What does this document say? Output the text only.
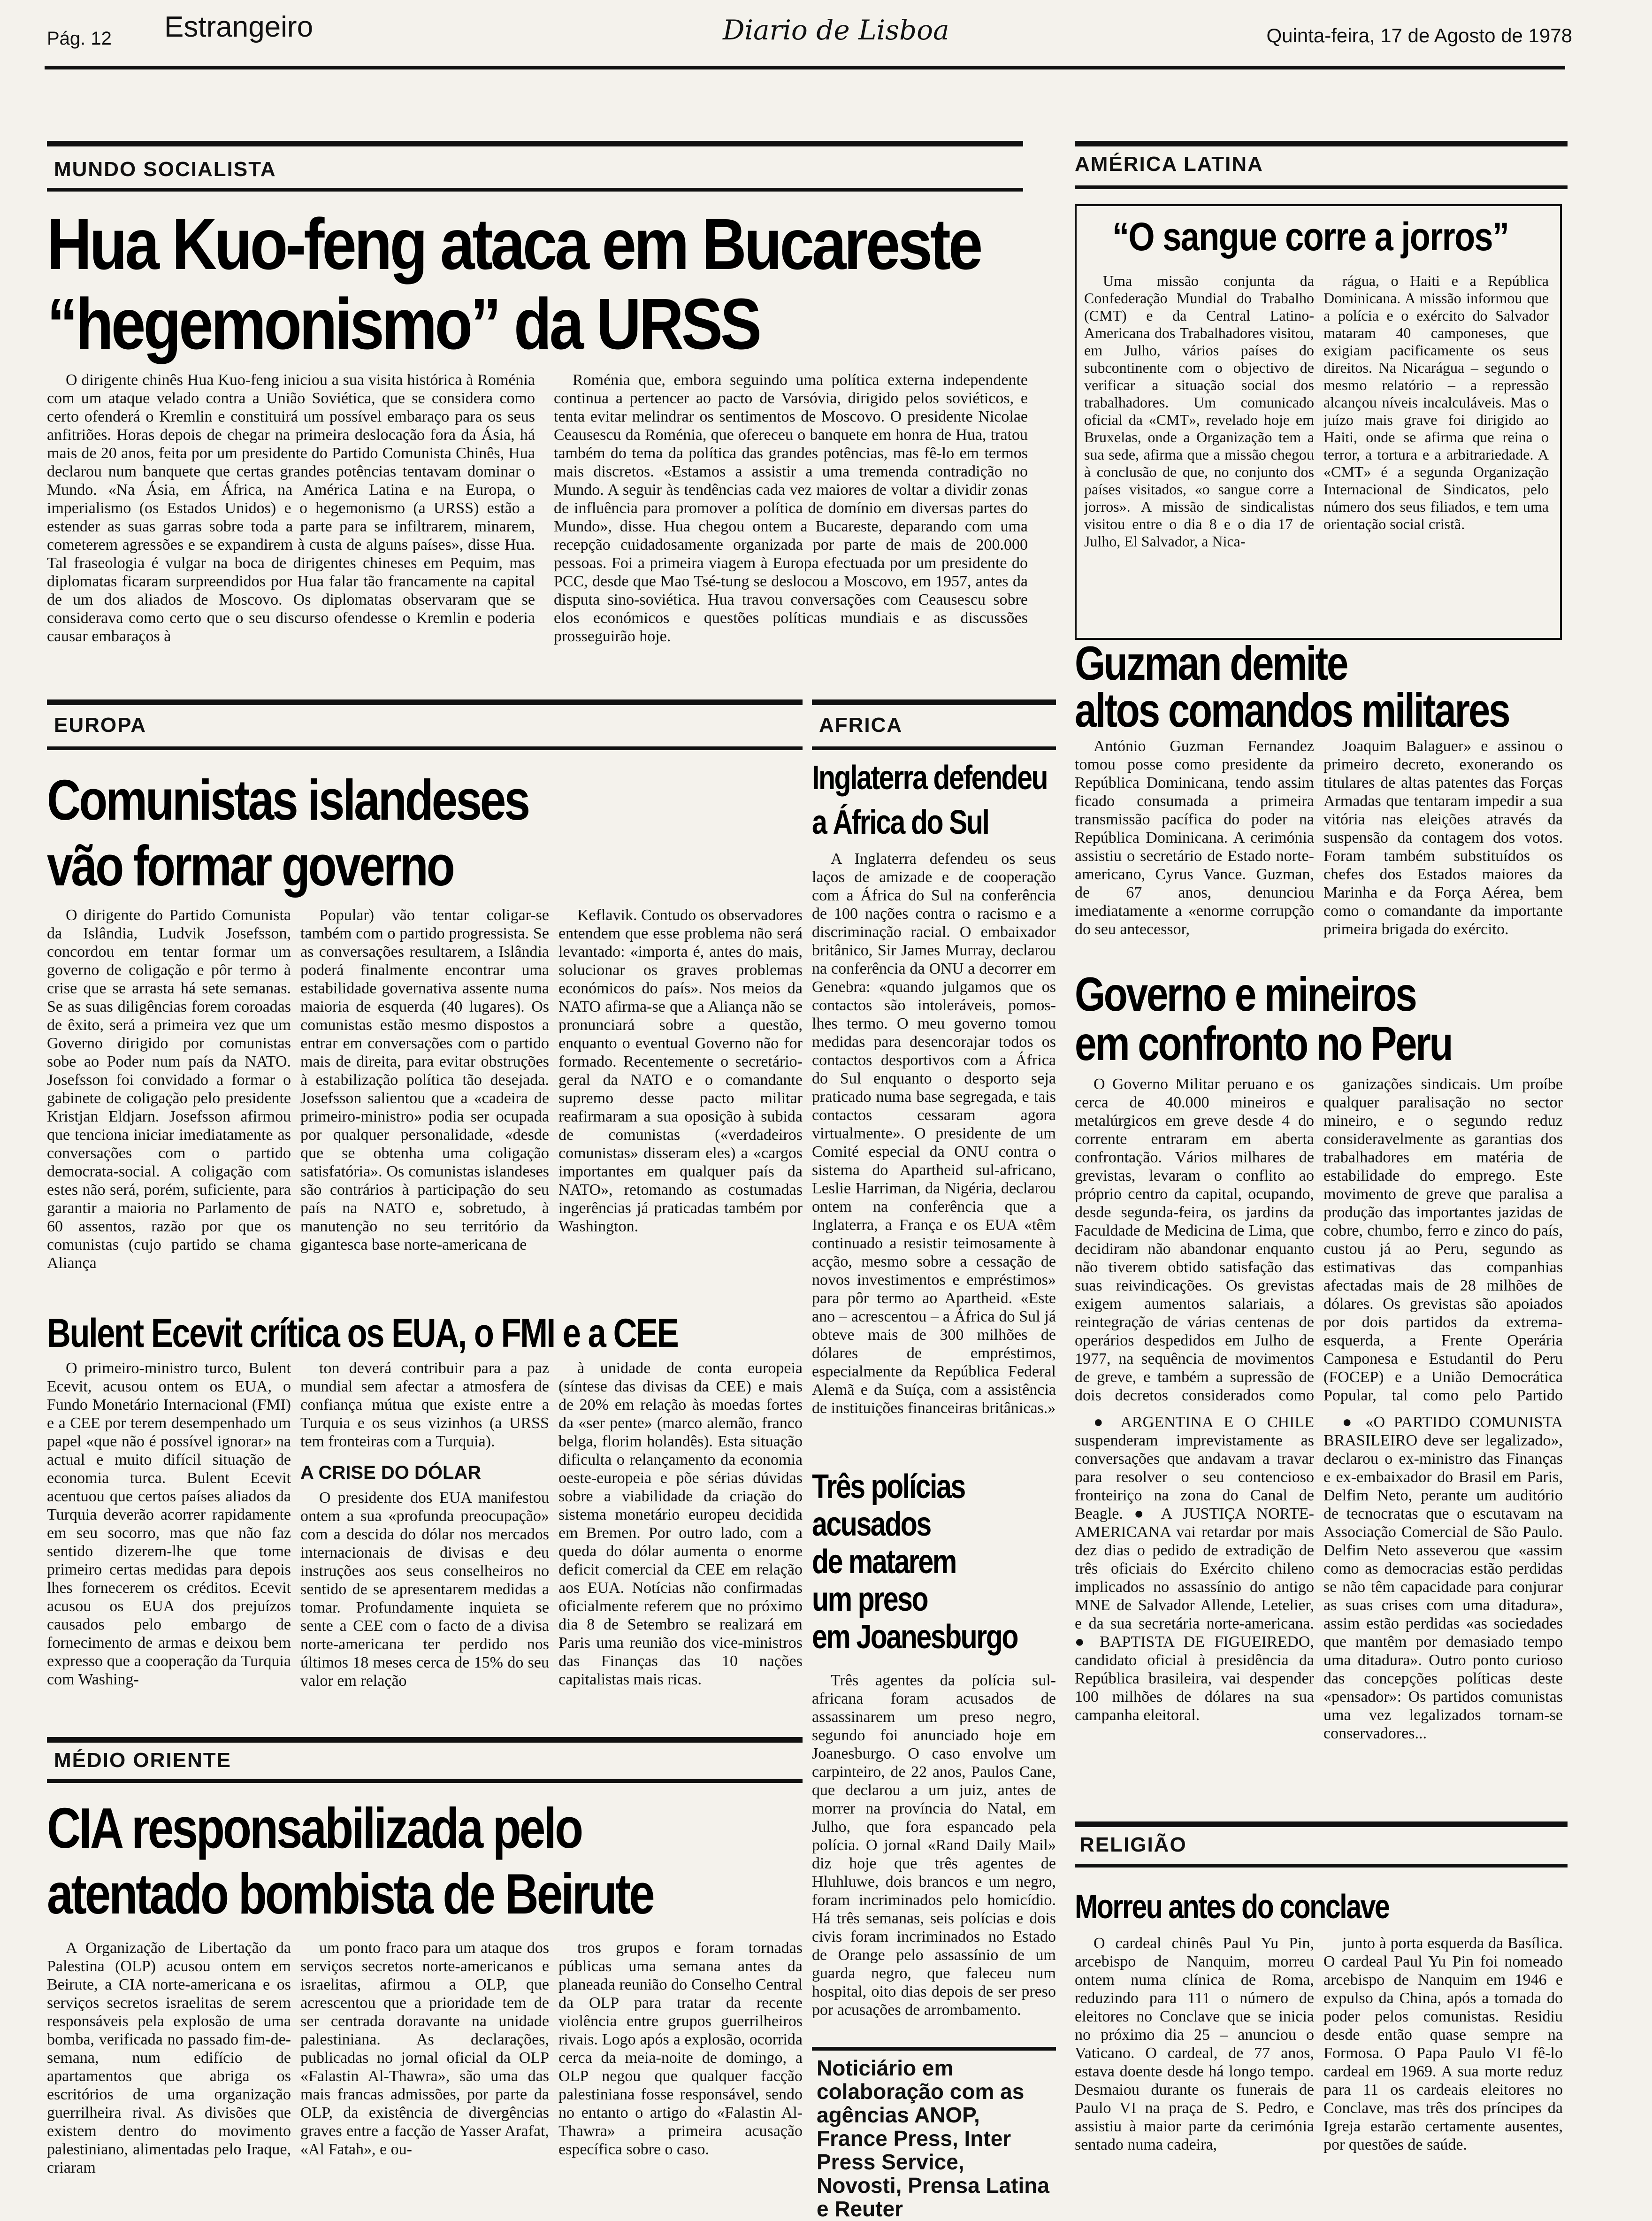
Pág. 12 Estrangeiro	Diario de Lisboa	Quinta-feira, 17 de Agosto de 1978
MUNDO SOCIALISTA
Hua Kuo-feng ataca em Bucareste
“hegemonismo” da URSS

O dirigente chinês Hua Kuo-feng iniciou a sua visita histórica à Roménia com um ataque velado contra a União Soviética, que se considera como certo ofenderá o Kremlin e constituirá um possível embaraço para os seus anfitriões. Horas depois de chegar na primeira deslocação fora da Ásia, há mais de 20 anos, feita por um presidente do Partido Comunista Chinês, Hua declarou num banquete que certas grandes potências tentavam dominar o Mundo. «Na Ásia, em África, na América Latina e na Europa, o imperialismo (os Estados Unidos) e o hegemonismo (a URSS) estão a estender as suas garras sobre toda a parte para se infiltrarem, minarem, cometerem agressões e se expandirem à custa de alguns países», disse Hua. Tal fraseologia é vulgar na boca de dirigentes chineses em Pequim, mas diplomatas ficaram surpreendidos por Hua falar tão francamente na capital de um dos aliados de Moscovo. Os diplomatas observaram que se considerava como certo que o seu discurso ofendesse o Kremlin e poderia causar embaraços à

Roménia que, embora seguindo uma política externa independente continua a pertencer ao pacto de Varsóvia, dirigido pelos soviéticos, e tenta evitar melindrar os sentimentos de Moscovo. O presidente Nicolae Ceausescu da Roménia, que ofereceu o banquete em honra de Hua, tratou também do tema da política das grandes potências, mas fê-lo em termos mais discretos. «Estamos a assistir a uma tremenda contradição no Mundo. A seguir às tendências cada vez maiores de voltar a dividir zonas de influência para promover a política de domínio em diversas partes do Mundo», disse. Hua chegou ontem a Bucareste, deparando com uma recepção cuidadosamente organizada por parte de mais de 200.000 pessoas. Foi a primeira viagem à Europa efectuada por um presidente do PCC, desde que Mao Tsé-tung se deslocou a Moscovo, em 1957, antes da disputa sino-soviética. Hua travou conversações com Ceausescu sobre elos económicos e questões políticas mundiais e as discussões prosseguirão hoje.

AMÉRICA LATINA
“O sangue corre a jorros”

Uma missão conjunta da Confederação Mundial do Trabalho (CMT) e da Central Latino-Americana dos Trabalhadores visitou, em Julho, vários países do subcontinente com o objectivo de verificar a situação social dos trabalhadores. Um comunicado oficial da «CMT», revelado hoje em Bruxelas, onde a Organização tem a sua sede, afirma que a missão chegou à conclusão de que, no conjunto dos países visitados, «o sangue corre a jorros». A missão de sindicalistas visitou entre o dia 8 e o dia 17 de Julho, El Salvador, a Nica-

rágua, o Haiti e a República Dominicana. A missão informou que a polícia e o exército do Salvador mataram 40 camponeses, que exigiam pacificamente os seus direitos. Na Nicarágua – segundo o mesmo relatório – a repressão alcançou níveis incalculáveis. Mas o juízo mais grave foi dirigido ao Haiti, onde se afirma que reina o terror, a tortura e a arbitrariedade. A «CMT» é a segunda Organização Internacional de Sindicatos, pelo número dos seus filiados, e tem uma orientação social cristã.

Guzman demite
altos comandos militares

António Guzman Fernandez tomou posse como presidente da República Dominicana, tendo assim ficado consumada a primeira transmissão pacífica do poder na República Dominicana. A cerimónia assistiu o secretário de Estado norte-americano, Cyrus Vance. Guzman, de 67 anos, denunciou imediatamente a «enorme corrupção do seu antecessor,

Joaquim Balaguer» e assinou o primeiro decreto, exonerando os titulares de altas patentes das Forças Armadas que tentaram impedir a sua vitória nas eleições através da suspensão da contagem dos votos. Foram também substituídos os chefes dos Estados maiores da Marinha e da Força Aérea, bem como o comandante da importante primeira brigada do exército.

Governo e mineiros
em confronto no Peru

O Governo Militar peruano e os cerca de 40.000 mineiros e metalúrgicos em greve desde 4 do corrente entraram em aberta confrontação. Vários milhares de grevistas, levaram o conflito ao próprio centro da capital, ocupando, desde segunda-feira, os jardins da Faculdade de Medicina de Lima, que decidiram não abandonar enquanto não tiverem obtido satisfação das suas reivindicações. Os grevistas exigem aumentos salariais, a reintegração de várias centenas de operários despedidos em Julho de 1977, na sequência de movimentos de greve, e também a supressão de dois decretos considerados como

ganizações sindicais. Um proíbe qualquer paralisação no sector mineiro, e o segundo reduz consideravelmente as garantias dos trabalhadores em matéria de estabilidade do emprego. Este movimento de greve que paralisa a produção das importantes jazidas de cobre, chumbo, ferro e zinco do país, custou já ao Peru, segundo as estimativas das companhias afectadas mais de 28 milhões de dólares. Os grevistas são apoiados por dois partidos da extrema-esquerda, a Frente Operária Camponesa e Estudantil do Peru (FOCEP) e a União Democrática Popular, tal como pelo Partido

● ARGENTINA E O CHILE suspenderam imprevistamente as conversações que andavam a travar para resolver o seu contencioso fronteiriço na zona do Canal de Beagle. ● A JUSTIÇA NORTE-AMERICANA vai retardar por mais dez dias o pedido de extradição de três oficiais do Exército chileno implicados no assassínio do antigo MNE de Salvador Allende, Letelier, e da sua secretária norte-americana. ● BAPTISTA DE FIGUEIREDO, candidato oficial à presidência da República brasileira, vai despender 100 milhões de dólares na sua campanha eleitoral.

● «O PARTIDO COMUNISTA BRASILEIRO deve ser legalizado», declarou o ex-ministro das Finanças e ex-embaixador do Brasil em Paris, Delfim Neto, perante um auditório de tecnocratas que o escutavam na Associação Comercial de São Paulo. Delfim Neto asseverou que «assim como as democracias estão perdidas se não têm capacidade para conjurar as suas crises com uma ditadura», assim estão perdidas «as sociedades que mantêm por demasiado tempo uma ditadura». Outro ponto curioso das concepções políticas deste «pensador»: Os partidos comunistas uma vez legalizados tornam-se conservadores...

RELIGIÃO
Morreu antes do conclave

O cardeal chinês Paul Yu Pin, arcebispo de Nanquim, morreu ontem numa clínica de Roma, reduzindo para 111 o número de eleitores no Conclave que se inicia no próximo dia 25 – anunciou o Vaticano. O cardeal, de 77 anos, estava doente desde há longo tempo. Desmaiou durante os funerais de Paulo VI na praça de S. Pedro, e assistiu à maior parte da cerimónia sentado numa cadeira,

junto à porta esquerda da Basílica. O cardeal Paul Yu Pin foi nomeado arcebispo de Nanquim em 1946 e expulso da China, após a tomada do poder pelos comunistas. Residiu desde então quase sempre na Formosa. O Papa Paulo VI fê-lo cardeal em 1969. A sua morte reduz para 11 os cardeais eleitores no Conclave, mas três dos príncipes da Igreja estarão certamente ausentes, por questões de saúde.

EUROPA
Comunistas islandeses
vão formar governo

O dirigente do Partido Comunista da Islândia, Ludvik Josefsson, concordou em tentar formar um governo de coligação e pôr termo à crise que se arrasta há sete semanas. Se as suas diligências forem coroadas de êxito, será a primeira vez que um Governo dirigido por comunistas sobe ao Poder num país da NATO. Josefsson foi convidado a formar o gabinete de coligação pelo presidente Kristjan Eldjarn. Josefsson afirmou que tenciona iniciar imediatamente as conversações com o partido democrata-social. A coligação com estes não será, porém, suficiente, para garantir a maioria no Parlamento de 60 assentos, razão por que os comunistas (cujo partido se chama Aliança

Popular) vão tentar coligar-se também com o partido progressista. Se as conversações resultarem, a Islândia poderá finalmente encontrar uma estabilidade governativa assente numa maioria de esquerda (40 lugares). Os comunistas estão mesmo dispostos a entrar em conversações com o partido mais de direita, para evitar obstruções à estabilização política tão desejada. Josefsson salientou que a «cadeira de primeiro-ministro» podia ser ocupada por qualquer personalidade, «desde que se obtenha uma coligação satisfatória». Os comunistas islandeses são contrários à participação do seu país na NATO e, sobretudo, à manutenção no seu território da gigantesca base norte-americana de

Keflavik. Contudo os observadores entendem que esse problema não será levantado: «importa é, antes do mais, solucionar os graves problemas económicos do país». Nos meios da NATO afirma-se que a Aliança não se pronunciará sobre a questão, enquanto o eventual Governo não for formado. Recentemente o secretário-geral da NATO e o comandante supremo desse pacto militar reafirmaram a sua oposição à subida de comunistas («verdadeiros comunistas» disseram eles) a «cargos importantes em qualquer país da NATO», retomando as costumadas ingerências já praticadas também por Washington.

Bulent Ecevit crítica os EUA, o FMI e a CEE

O primeiro-ministro turco, Bulent Ecevit, acusou ontem os EUA, o Fundo Monetário Internacional (FMI) e a CEE por terem desempenhado um papel «que não é possível ignorar» na actual e muito difícil situação de economia turca. Bulent Ecevit acentuou que certos países aliados da Turquia deverão acorrer rapidamente em seu socorro, mas que não faz sentido dizerem-lhe que tome primeiro certas medidas para depois lhes fornecerem os créditos. Ecevit acusou os EUA dos prejuízos causados pelo embargo de fornecimento de armas e deixou bem expresso que a cooperação da Turquia com Washing-

ton deverá contribuir para a paz mundial sem afectar a atmosfera de confiança mútua que existe entre a Turquia e os seus vizinhos (a URSS tem fronteiras com a Turquia).

A CRISE DO DÓLAR

O presidente dos EUA manifestou ontem a sua «profunda preocupação» com a descida do dólar nos mercados internacionais de divisas e deu instruções aos seus conselheiros no sentido de se apresentarem medidas a tomar. Profundamente inquieta se sente a CEE com o facto de a divisa norte-americana ter perdido nos últimos 18 meses cerca de 15% do seu valor em relação

à unidade de conta europeia (síntese das divisas da CEE) e mais de 20% em relação às moedas fortes da «ser pente» (marco alemão, franco belga, florim holandês). Esta situação dificulta o relançamento da economia oeste-europeia e põe sérias dúvidas sobre a viabilidade da criação do sistema monetário europeu decidida em Bremen. Por outro lado, com a queda do dólar aumenta o enorme deficit comercial da CEE em relação aos EUA. Notícias não confirmadas oficialmente referem que no próximo dia 8 de Setembro se realizará em Paris uma reunião dos vice-ministros das Finanças das 10 nações capitalistas mais ricas.

AFRICA
Inglaterra defendeu
a África do Sul

A Inglaterra defendeu os seus laços de amizade e de cooperação com a África do Sul na conferência de 100 nações contra o racismo e a discriminação racial. O embaixador britânico, Sir James Murray, declarou na conferência da ONU a decorrer em Genebra: «quando julgamos que os contactos são intoleráveis, pomos-lhes termo. O meu governo tomou medidas para desencorajar todos os contactos desportivos com a África do Sul enquanto o desporto seja praticado numa base segregada, e tais contactos cessaram agora virtualmente». O presidente de um Comité especial da ONU contra o sistema do Apartheid sul-africano, Leslie Harriman, da Nigéria, declarou ontem na conferência que a Inglaterra, a França e os EUA «têm continuado a resistir teimosamente à acção, mesmo sobre a cessação de novos investimentos e empréstimos» para pôr termo ao Apartheid. «Este ano – acrescentou – a África do Sul já obteve mais de 300 milhões de dólares de empréstimos, especialmente da República Federal Alemã e da Suíça, com a assistência de instituições financeiras britânicas.»

Três polícias
acusados
de matarem
um preso
em Joanesburgo

Três agentes da polícia sul-africana foram acusados de assassinarem um preso negro, segundo foi anunciado hoje em Joanesburgo. O caso envolve um carpinteiro, de 22 anos, Paulos Cane, que declarou a um juiz, antes de morrer na província do Natal, em Julho, que fora espancado pela polícia. O jornal «Rand Daily Mail» diz hoje que três agentes de Hluhluwe, dois brancos e um negro, foram incriminados pelo homicídio. Há três semanas, seis polícias e dois civis foram incriminados no Estado de Orange pelo assassínio de um guarda negro, que faleceu num hospital, oito dias depois de ser preso por acusações de arrombamento.

Noticiário em colaboração com as agências ANOP, France Press, Inter Press Service, Novosti, Prensa Latina e Reuter
MÉDIO ORIENTE
CIA responsabilizada pelo
atentado bombista de Beirute

A Organização de Libertação da Palestina (OLP) acusou ontem em Beirute, a CIA norte-americana e os serviços secretos israelitas de serem responsáveis pela explosão de uma bomba, verificada no passado fim-de-semana, num edifício de apartamentos que abriga os escritórios de uma organização guerrilheira rival. As divisões que existem dentro do movimento palestiniano, alimentadas pelo Iraque, criaram

um ponto fraco para um ataque dos serviços secretos norte-americanos e israelitas, afirmou a OLP, que acrescentou que a prioridade tem de ser centrada doravante na unidade palestiniana. As declarações, publicadas no jornal oficial da OLP «Falastin Al-Thawra», são uma das mais francas admissões, por parte da OLP, da existência de divergências graves entre a facção de Yasser Arafat, «Al Fatah», e ou-

tros grupos e foram tornadas públicas uma semana antes da planeada reunião do Conselho Central da OLP para tratar da recente violência entre grupos guerrilheiros rivais. Logo após a explosão, ocorrida cerca da meia-noite de domingo, a OLP negou que qualquer facção palestiniana fosse responsável, sendo no entanto o artigo do «Falastin Al-Thawra» a primeira acusação específica sobre o caso.
